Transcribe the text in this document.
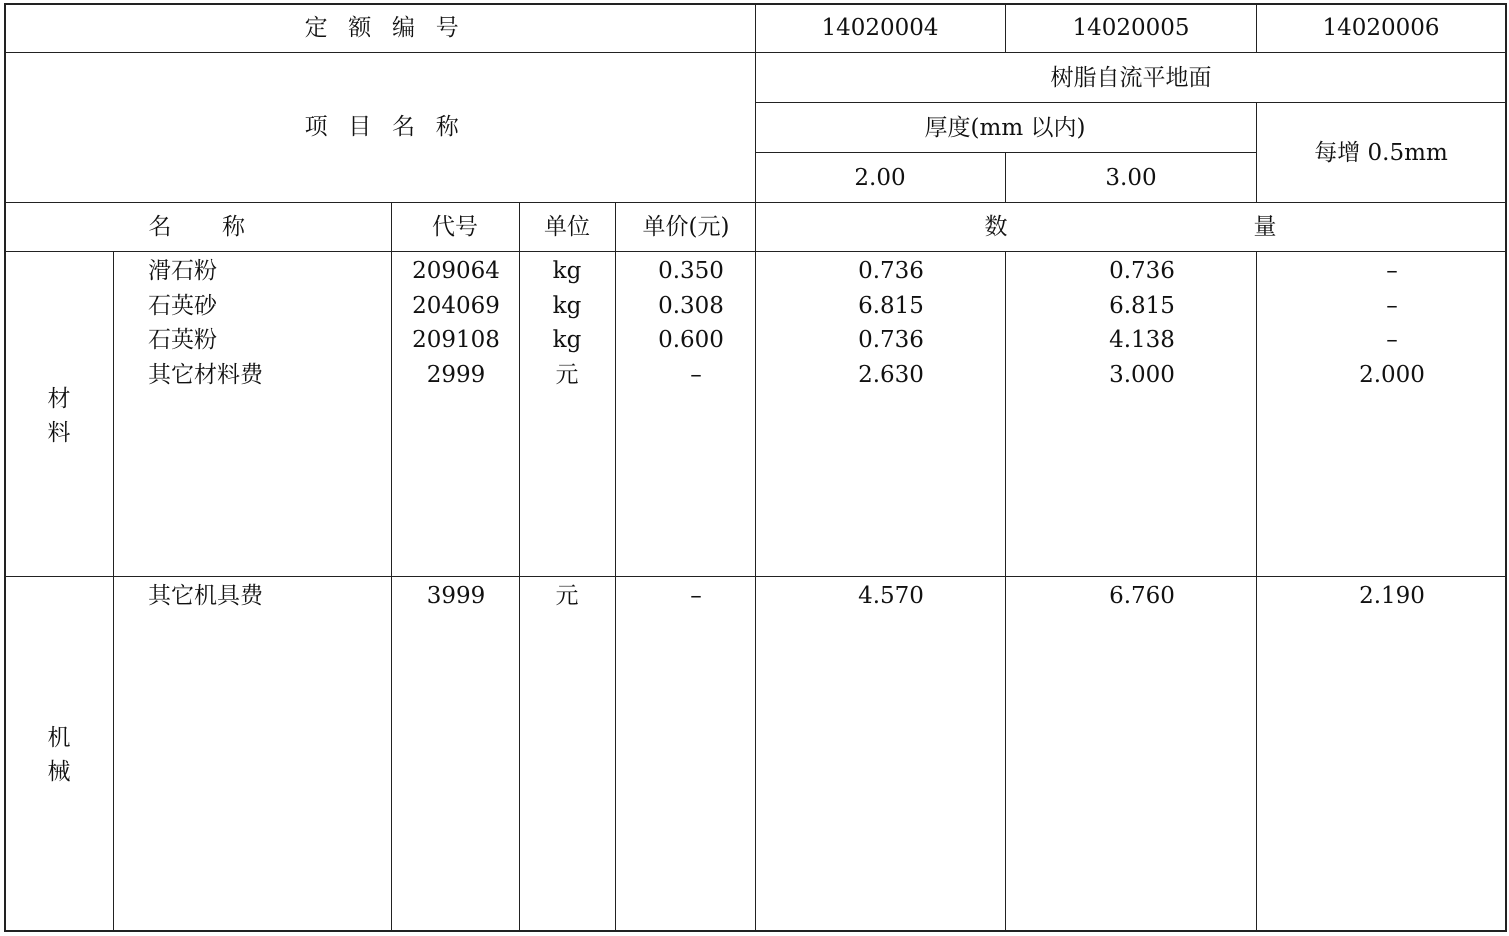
定额编号	14020004	14020005	14020006
项目名称
树脂自流平地面
厚度(mm 以内)
2.00	3.00
每增 0.5mm
名称	代号	单位 单价(元)	数	量
材料
滑石粉	209064 kg	0.350	0.736	0.736	–
石英砂	204069 kg	0.308	6.815	6.815	–
石英粉	209108 kg	0.600	0.736	4.138	–
其它材料费	2999	元	–	2.630	3.000	2.000
机械
其它机具费	3999	元	–	4.570	6.760	2.190
